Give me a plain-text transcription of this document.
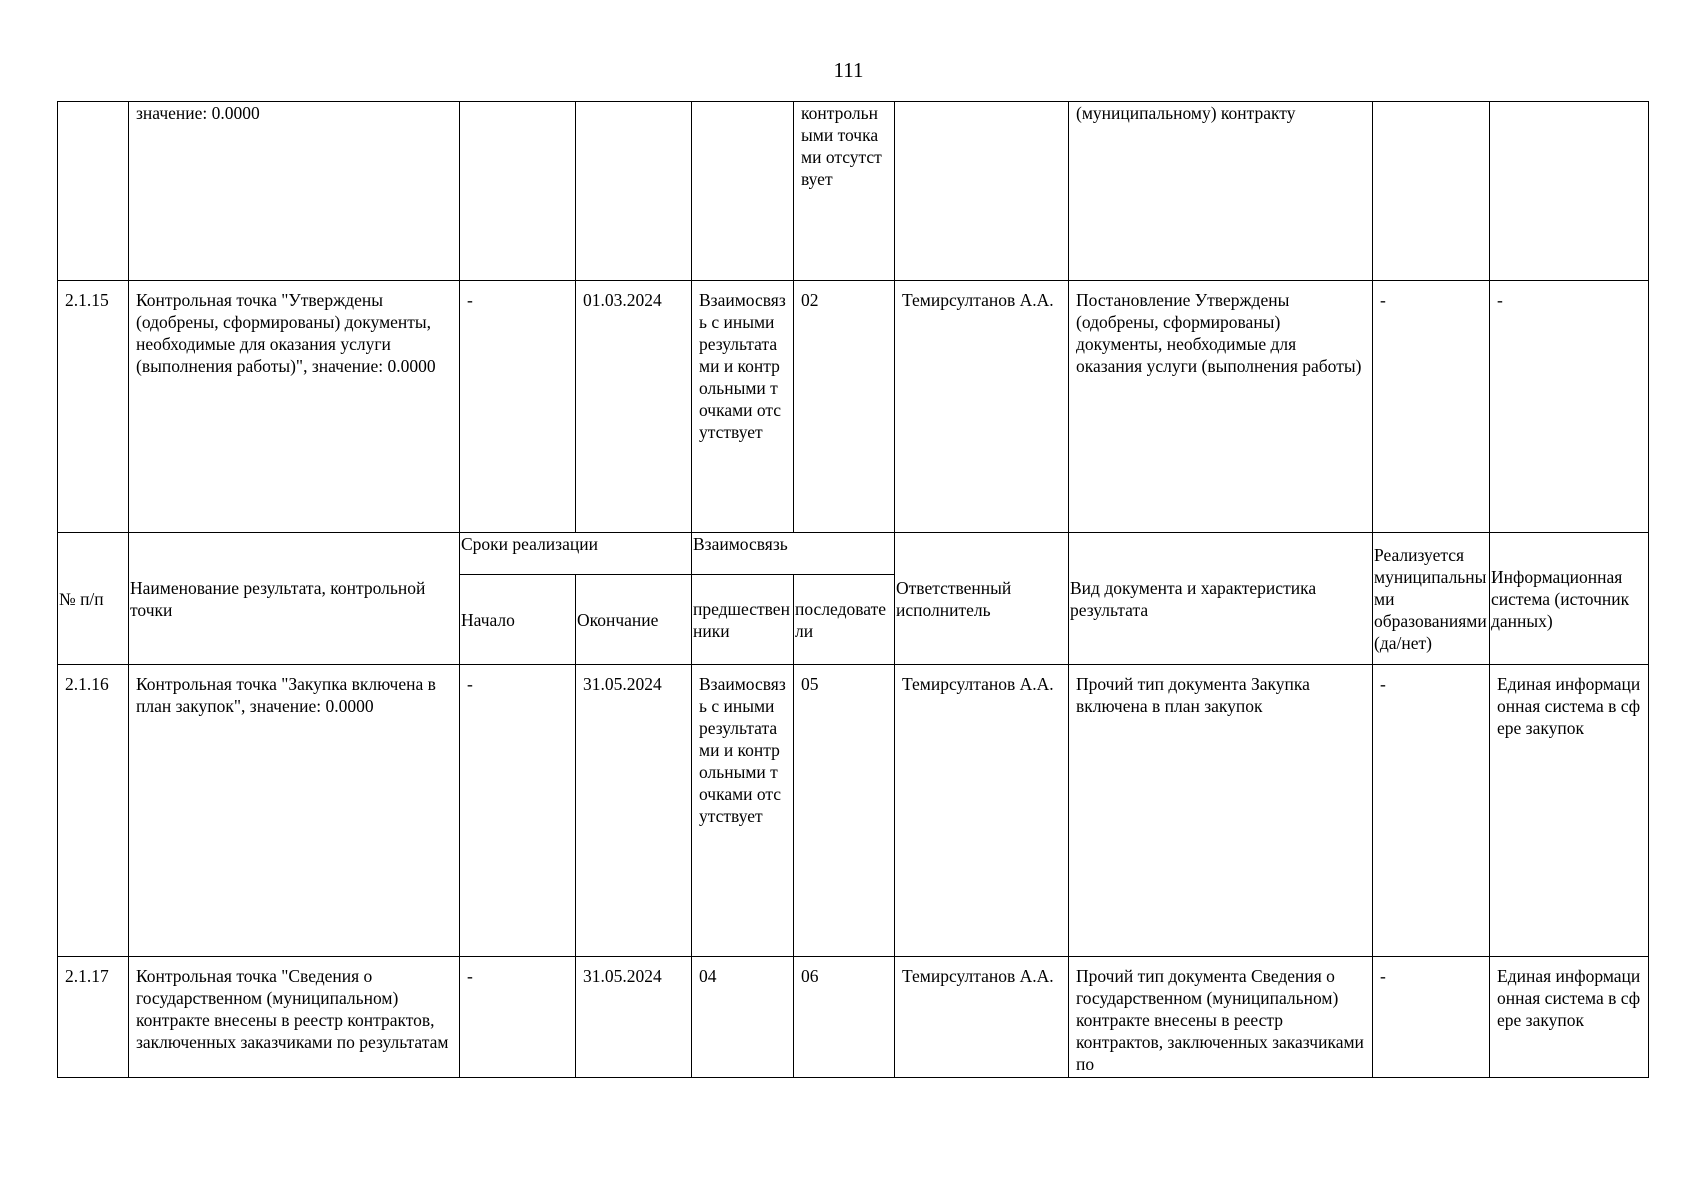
111
	значение: 0.0000				контрольными точками отсутствует		(муниципальному) контракту		
2.1.15	Контрольная точка "Утверждены (одобрены, сформированы) документы, необходимые для оказания услуги (выполнения работы)", значение: 0.0000	-	01.03.2024	Взаимосвязь с иными результатами и контрольными точками отсутствует	02	Темирсултанов А.А.	Постановление Утверждены (одобрены, сформированы) документы, необходимые для оказания услуги (выполнения работы)	-	-
№ п/п	Наименование результата, контрольной точки	Сроки реализации		Взаимосвязь		Ответственный исполнитель	Вид документа и характеристика результата	Реализуется муниципальными образованиями (да/нет)	Информационная система (источник данных)
		Начало	Окончание	предшественники	последователи				
2.1.16	Контрольная точка "Закупка включена в план закупок", значение: 0.0000	-	31.05.2024	Взаимосвязь с иными результатами и контрольными точками отсутствует	05	Темирсултанов А.А.	Прочий тип документа Закупка включена в план закупок	-	Единая информационная система в сфере закупок
2.1.17	Контрольная точка "Сведения о государственном (муниципальном) контракте внесены в реестр контрактов, заключенных заказчиками по результатам	-	31.05.2024	04	06	Темирсултанов А.А.	Прочий тип документа Сведения о государственном (муниципальном) контракте внесены в реестр контрактов, заключенных заказчиками по	-	Единая информационная система в сфере закупок
